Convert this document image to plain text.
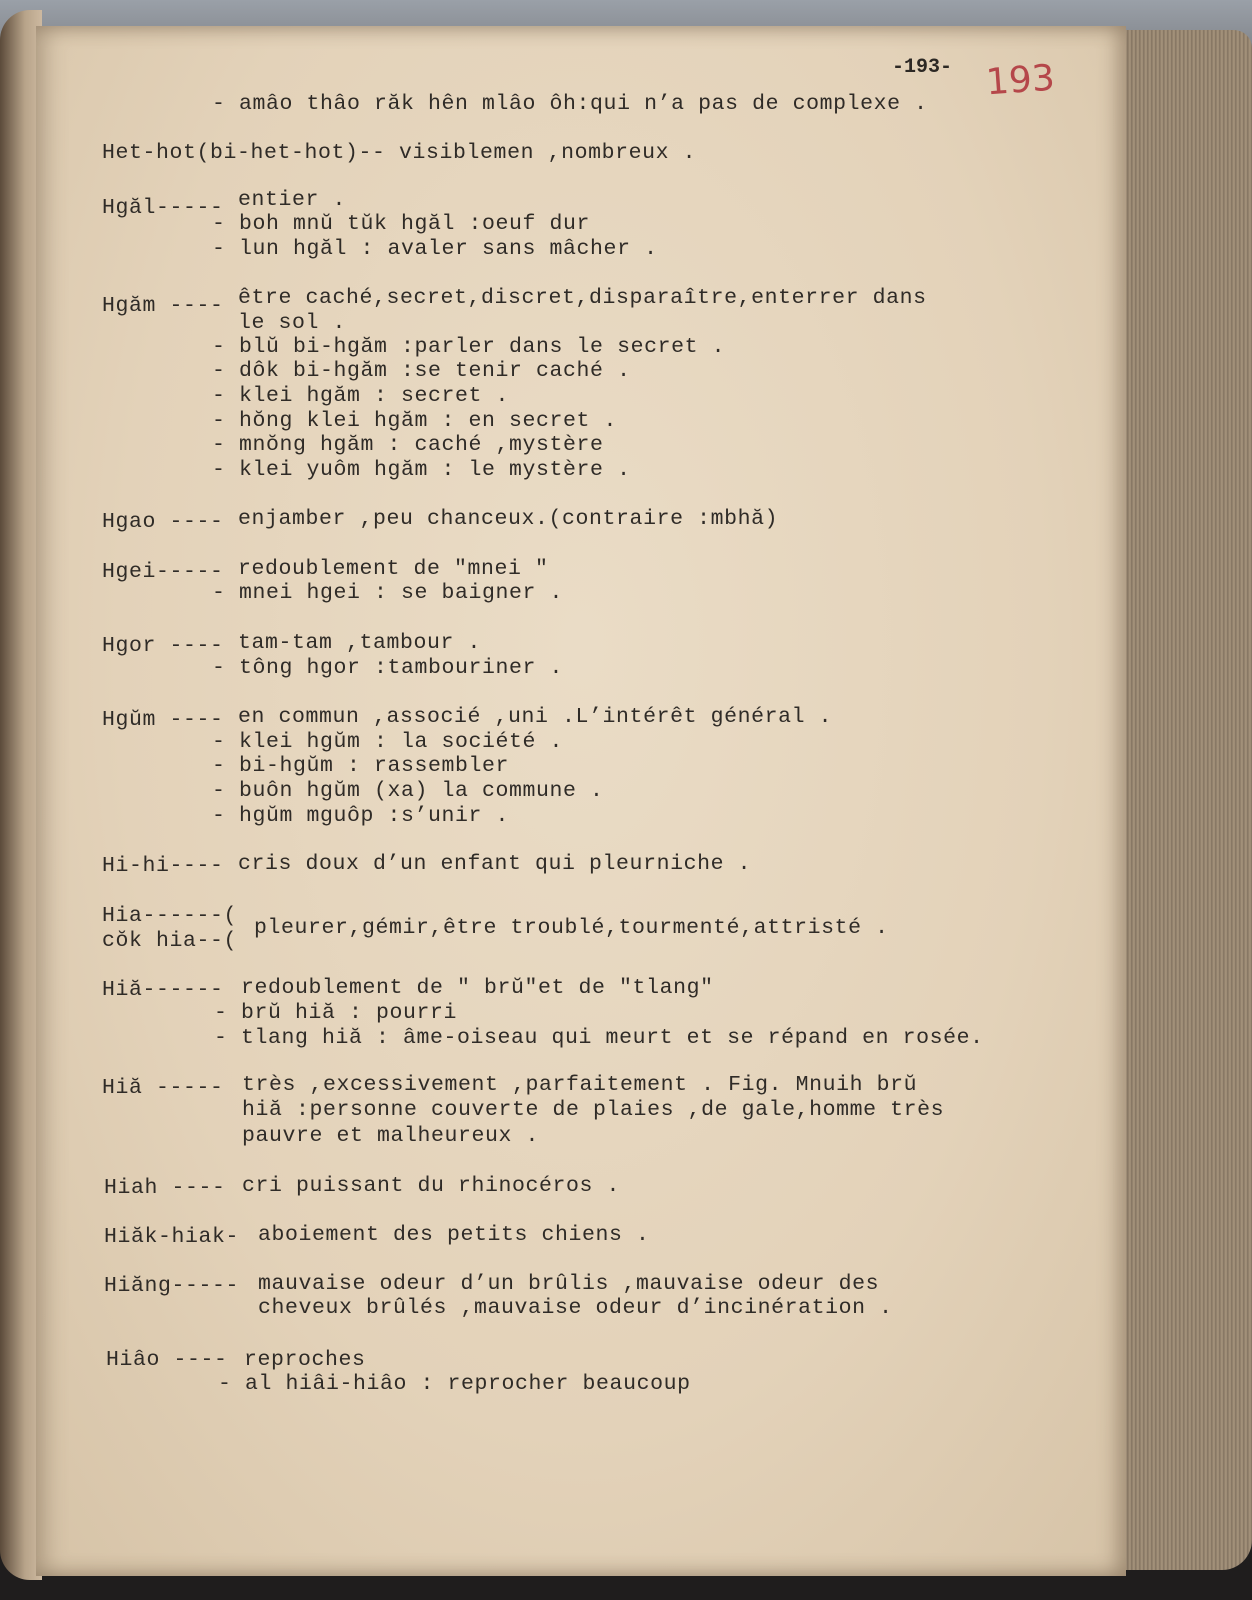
-193- 193
- amâo thâo răk hên mlâo ôh:qui n’a pas de complexe .
Het-hot(bi-het-hot)-- visiblemen ,nombreux .
Hgăl----- entier .
- boh mnŭ tŭk hgăl :oeuf dur
- lun hgăl : avaler sans mâcher .
Hgăm ---- être caché,secret,discret,disparaître,enterrer dans
le sol .
- blŭ bi-hgăm :parler dans le secret .
- dôk bi-hgăm :se tenir caché .
- klei hgăm : secret .
- hŏng klei hgăm : en secret .
- mnŏng hgăm : caché ,mystère
- klei yuôm hgăm : le mystère .
Hgao ---- enjamber ,peu chanceux.(contraire :mbhă)
Hgei----- redoublement de "mnei "
- mnei hgei : se baigner .
Hgor ---- tam-tam ,tambour .
- tông hgor :tambouriner .
Hgŭm ---- en commun ,associé ,uni .L’intérêt général .
- klei hgŭm : la société .
- bi-hgŭm : rassembler
- buôn hgŭm (xa) la commune .
- hgŭm mguôp :s’unir .
Hi-hi---- cris doux d’un enfant qui pleurniche .
Hia------(
cŏk hia--(
pleurer,gémir,être troublé,tourmenté,attristé .
Hiă------ redoublement de " brŭ"et de "tlang"
- brŭ hiă : pourri
- tlang hiă : âme-oiseau qui meurt et se répand en rosée.
Hiă ----- très ,excessivement ,parfaitement . Fig. Mnuih brŭ
hiă :personne couverte de plaies ,de gale,homme très
pauvre et malheureux .
Hiah ---- cri puissant du rhinocéros .
Hiăk-hiak- aboiement des petits chiens .
Hiăng----- mauvaise odeur d’un brûlis ,mauvaise odeur des
cheveux brûlés ,mauvaise odeur d’incinération .
Hiâo ---- reproches
- al hiâi-hiâo : reprocher beaucoup
